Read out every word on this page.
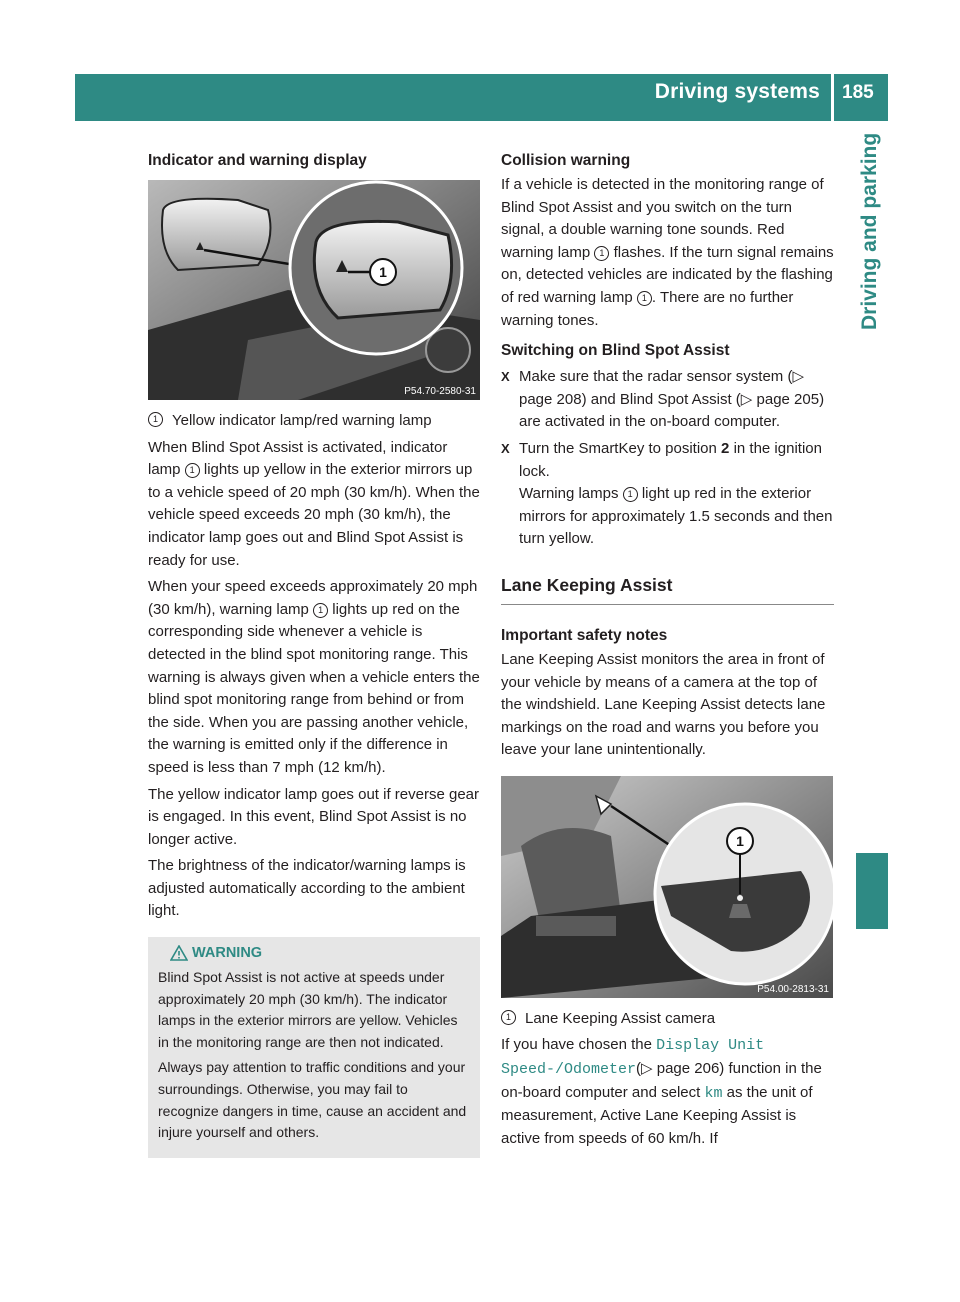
Driving systems 185
Driving and parking
Indicator and warning display
1
P54.70-2580-31
1 Yellow indicator lamp/red warning lamp

When Blind Spot Assist is activated, indicator lamp 1 lights up yellow in the exterior mirrors up to a vehicle speed of 20 mph (30 km/h). When the vehicle speed exceeds 20 mph (30 km/h), the indicator lamp goes out and Blind Spot Assist is ready for use.

When your speed exceeds approximately 20 mph (30 km/h), warning lamp 1 lights up red on the corresponding side whenever a vehicle is detected in the blind spot monitoring range. This warning is always given when a vehicle enters the blind spot monitoring range from behind or from the side. When you are passing another vehicle, the warning is emitted only if the difference in speed is less than 7 mph (12 km/h).

The yellow indicator lamp goes out if reverse gear is engaged. In this event, Blind Spot Assist is no longer active.

The brightness of the indicator/warning lamps is adjusted automatically according to the ambient light.

WARNING

Blind Spot Assist is not active at speeds under approximately 20 mph (30 km/h). The indicator lamps in the exterior mirrors are yellow. Vehicles in the monitoring range are then not indicated.

Always pay attention to traffic conditions and your surroundings. Otherwise, you may fail to recognize dangers in time, cause an accident and injure yourself and others.

Collision warning

If a vehicle is detected in the monitoring range of Blind Spot Assist and you switch on the turn signal, a double warning tone sounds. Red warning lamp 1 flashes. If the turn signal remains on, detected vehicles are indicated by the flashing of red warning lamp 1 . There are no further warning tones.

Switching on Blind Spot Assist
X Make sure that the radar sensor system (▷ page 208) and Blind Spot Assist (▷ page 205) are activated in the on-board computer.

X Turn the SmartKey to position 2 in the ignition lock.
Warning lamps 1 light up red in the exterior mirrors for approximately 1.5 seconds and then turn yellow.

Lane Keeping Assist
Important safety notes

Lane Keeping Assist monitors the area in front of your vehicle by means of a camera at the top of the windshield. Lane Keeping Assist detects lane markings on the road and warns you before you leave your lane unintentionally.

1
P54.00-2813-31
1 Lane Keeping Assist camera

If you have chosen the Display Unit Speed-/Odometer(▷ page 206) function in the on-board computer and select km as the unit of measurement, Active Lane Keeping Assist is active from speeds of 60 km/h. If
